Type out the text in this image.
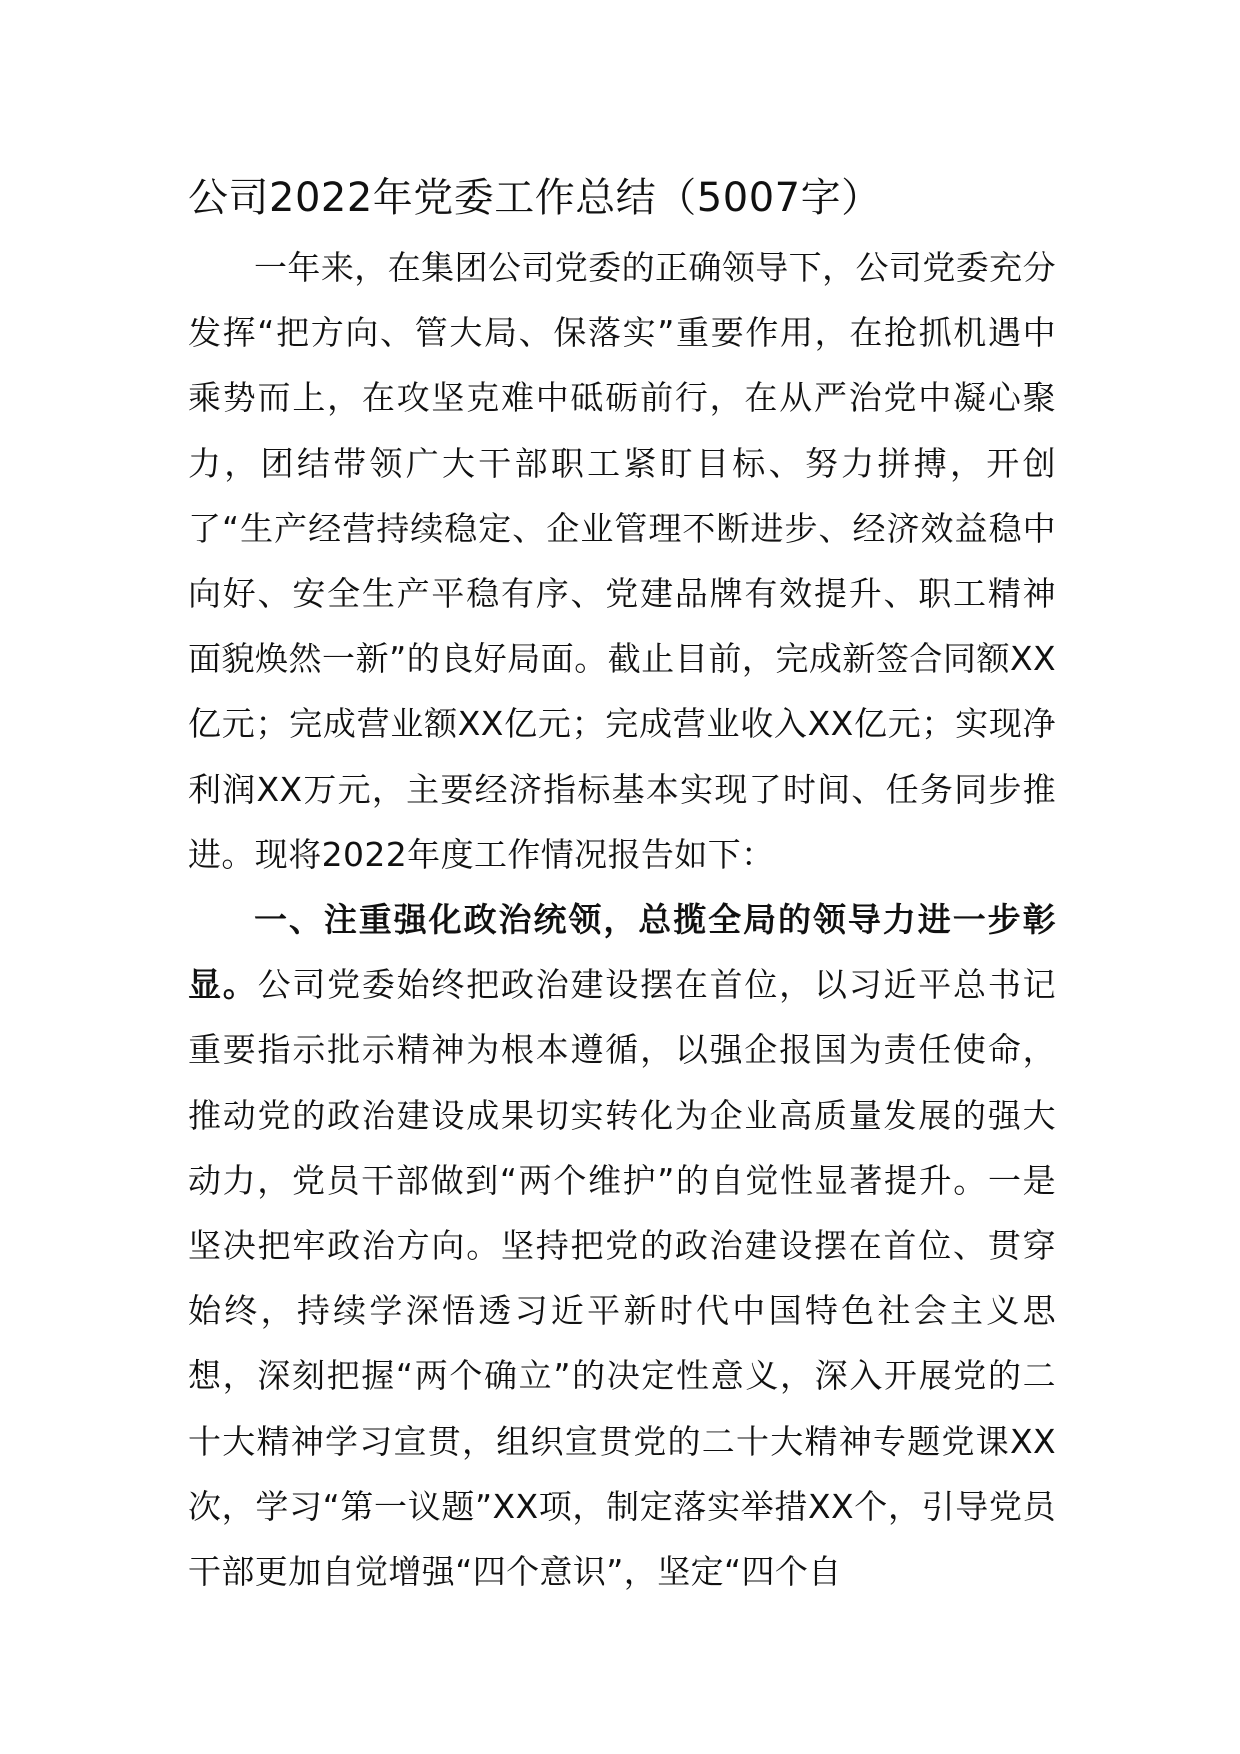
公司2022年党委工作总结（5007字）

一年来，在集团公司党委的正确领导下，公司党委充分发挥“把方向、管大局、保落实”重要作用，在抢抓机遇中乘势而上，在攻坚克难中砥砺前行，在从严治党中凝心聚力，团结带领广大干部职工紧盯目标、努力拼搏，开创了“生产经营持续稳定、企业管理不断进步、经济效益稳中向好、安全生产平稳有序、党建品牌有效提升、职工精神面貌焕然一新”的良好局面。截止目前，完成新签合同额XX亿元；完成营业额XX亿元；完成营业收入XX亿元；实现净利润XX万元，主要经济指标基本实现了时间、任务同步推进。现将2022年度工作情况报告如下：

一、注重强化政治统领，总揽全局的领导力进一步彰显。公司党委始终把政治建设摆在首位，以习近平总书记重要指示批示精神为根本遵循，以强企报国为责任使命，推动党的政治建设成果切实转化为企业高质量发展的强大动力，党员干部做到“两个维护”的自觉性显著提升。一是坚决把牢政治方向。坚持把党的政治建设摆在首位、贯穿始终，持续学深悟透习近平新时代中国特色社会主义思想，深刻把握“两个确立”的决定性意义，深入开展党的二十大精神学习宣贯，组织宣贯党的二十大精神专题党课XX次，学习“第一议题”XX项，制定落实举措XX个，引导党员干部更加自觉增强“四个意识”，坚定“四个自
